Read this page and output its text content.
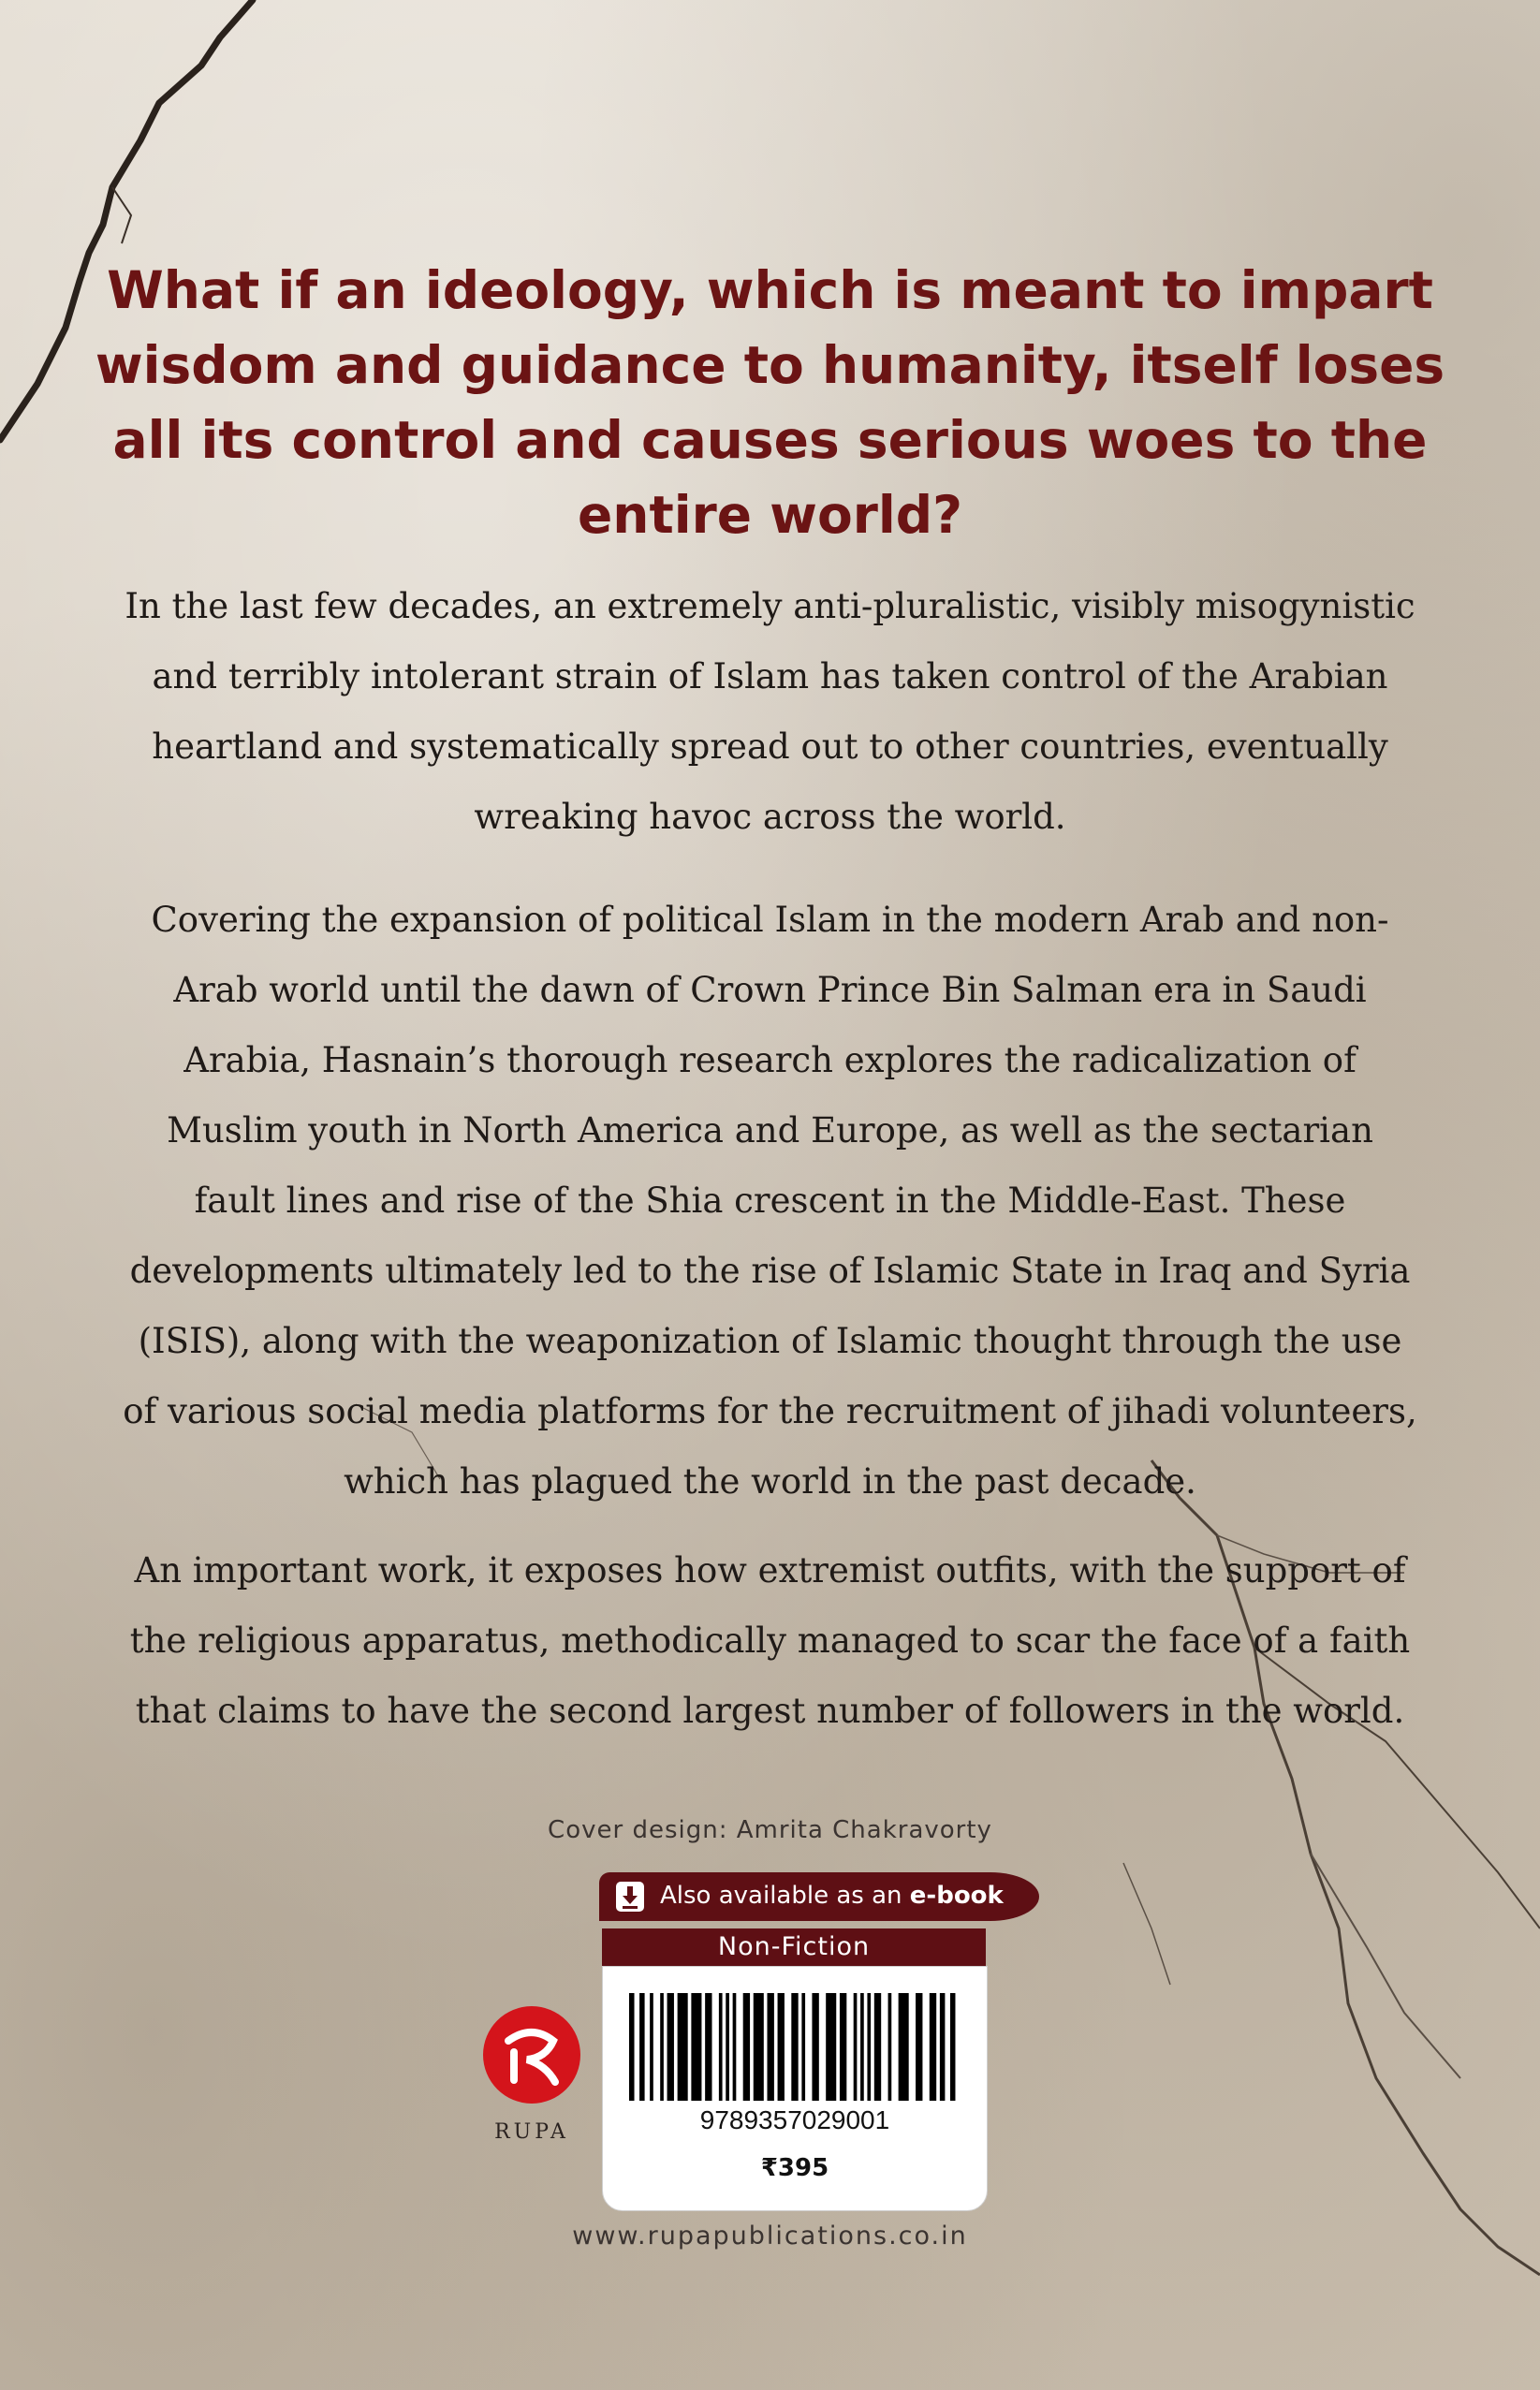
What if an ideology, which is meant to impart wisdom and guidance to humanity, itself loses all its control and causes serious woes to the entire world?

In the last few decades, an extremely anti-pluralistic, visibly misogynistic and terribly intolerant strain of Islam has taken control of the Arabian heartland and systematically spread out to other countries, eventually wreaking havoc across the world.

Covering the expansion of political Islam in the modern Arab and non-Arab world until the dawn of Crown Prince Bin Salman era in Saudi Arabia, Hasnain’s thorough research explores the radicalization of Muslim youth in North America and Europe, as well as the sectarian fault lines and rise of the Shia crescent in the Middle-East. These developments ultimately led to the rise of Islamic State in Iraq and Syria (ISIS), along with the weaponization of Islamic thought through the use of various social media platforms for the recruitment of jihadi volunteers, which has plagued the world in the past decade.

An important work, it exposes how extremist outfits, with the support of the religious apparatus, methodically managed to scar the face of a faith that claims to have the second largest number of followers in the world.

Cover design: Amrita Chakravorty
Also available as an e-book
Non-Fiction
9789357029001
₹395
RUPA
www.rupapublications.co.in
